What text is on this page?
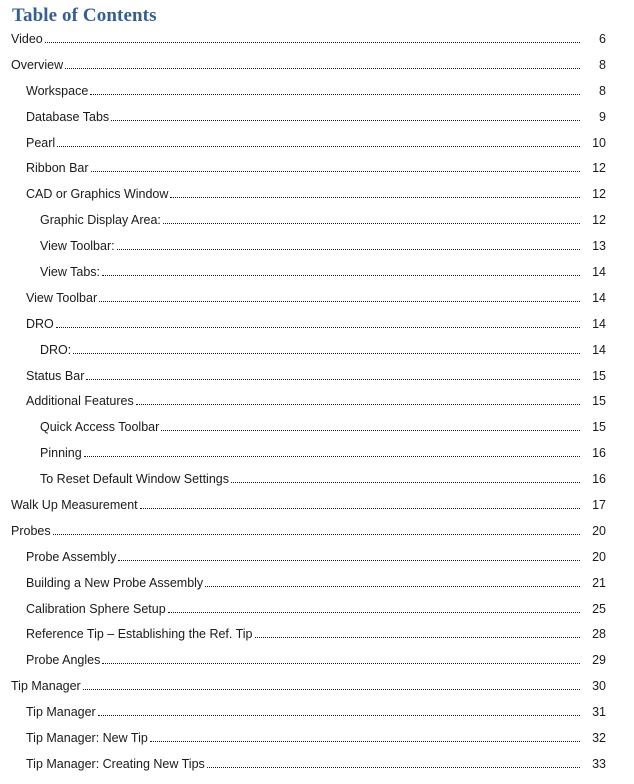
Table of Contents
Video	6
Overview	8
Workspace	8
Database Tabs	9
Pearl	10
Ribbon Bar	12
CAD or Graphics Window	12
Graphic Display Area:	12
View Toolbar:	13
View Tabs:	14
View Toolbar	14
DRO	14
DRO:	14
Status Bar	15
Additional Features	15
Quick Access Toolbar	15
Pinning	16
To Reset Default Window Settings	16
Walk Up Measurement	17
Probes	20
Probe Assembly	20
Building a New Probe Assembly	21
Calibration Sphere Setup	25
Reference Tip – Establishing the Ref. Tip	28
Probe Angles	29
Tip Manager	30
Tip Manager	31
Tip Manager: New Tip	32
Tip Manager: Creating New Tips	33
